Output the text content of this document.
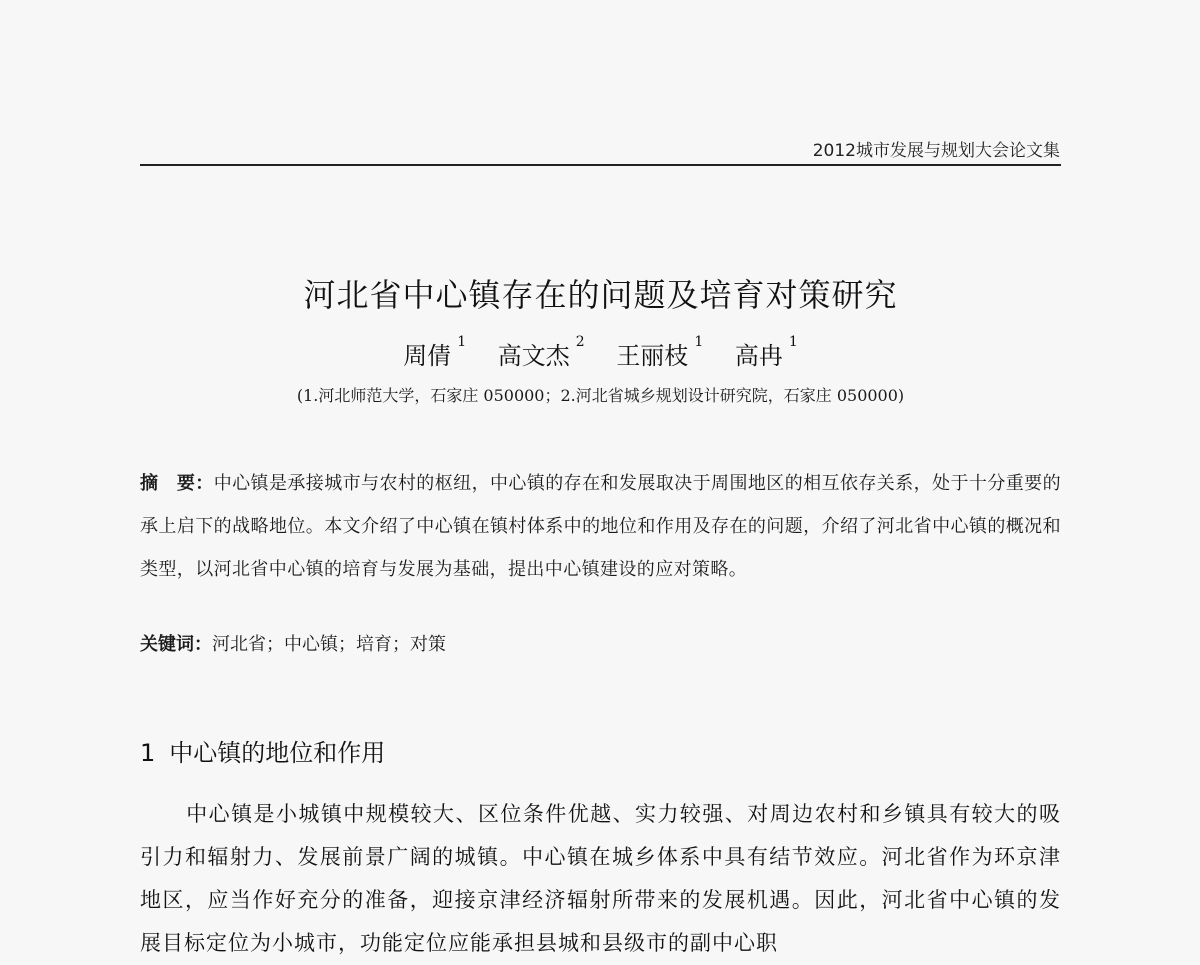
2012城市发展与规划大会论文集
河北省中心镇存在的问题及培育对策研究
周倩 $^1$ 高文杰 $^2$ 王丽枝 $^1$ 高冉 $^1$
(1.河北师范大学，石家庄 050000；2.河北省城乡规划设计研究院，石家庄 050000)
摘　要：中心镇是承接城市与农村的枢纽，中心镇的存在和发展取决于周围地区的相互依存关系，处于十分重要的承上启下的战略地位。本文介绍了中心镇在镇村体系中的地位和作用及存在的问题，介绍了河北省中心镇的概况和类型，以河北省中心镇的培育与发展为基础，提出中心镇建设的应对策略。
关键词：河北省；中心镇；培育；对策
1 中心镇的地位和作用

中心镇是小城镇中规模较大、区位条件优越、实力较强、对周边农村和乡镇具有较大的吸引力和辐射力、发展前景广阔的城镇。中心镇在城乡体系中具有结节效应。河北省作为环京津地区，应当作好充分的准备，迎接京津经济辐射所带来的发展机遇。因此，河北省中心镇的发展目标定位为小城市，功能定位应能承担县城和县级市的副中心职
